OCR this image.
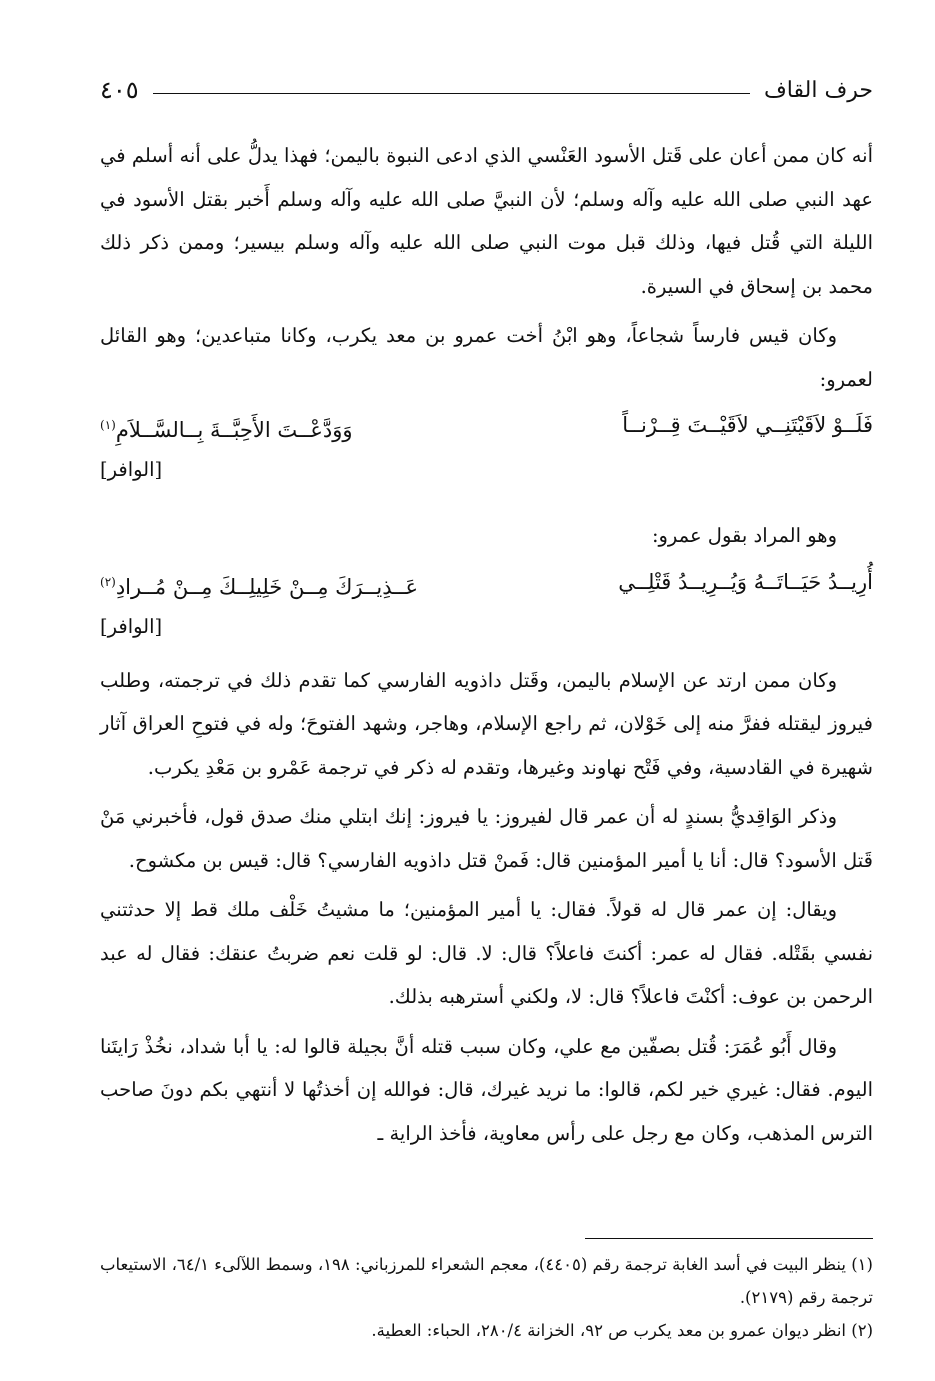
حرف القاف
٤٠٥

أنه كان ممن أعان على قَتل الأسود العَنْسي الذي ادعى النبوة باليمن؛ فهذا يدلُّ على أنه أسلم في عهد النبي صلى الله عليه وآله وسلم؛ لأن النبيَّ صلى الله عليه وآله وسلم أَخبر بقتل الأسود في الليلة التي قُتل فيها، وذلك قبل موت النبي صلى الله عليه وآله وسلم بيسير؛ وممن ذكر ذلك محمد بن إسحاق في السيرة.

وكان قيس فارساً شجاعاً، وهو ابْنُ أخت عمرو بن معد يكرب، وكانا متباعدين؛ وهو القائل لعمرو:

فَلَــوْ لاَقَيْتَنِــي لاَقَيْــتَ قِــرْنــاً
وَوَدَّعْــتَ الأَحِبَّــةَ بِــالسَّــلاَمِ$^{(١)}$
[الوافر]

وهو المراد بقول عمرو:

أُرِيــدُ حَيَــاتَــهُ وَيُــرِيــدُ قَتْلِــي
عَــذِيــرَكَ مِــنْ خَلِيلِــكَ مِــنْ مُــرادِ$^{(٢)}$
[الوافر]

وكان ممن ارتد عن الإسلام باليمن، وقَتل داذويه الفارسي كما تقدم ذلك في ترجمته، وطلب فيروز ليقتله ففرَّ منه إلى خَوْلان، ثم راجع الإسلام، وهاجر، وشهد الفتوحَ؛ وله في فتوحِ العراق آثار شهيرة في القادسية، وفي فَتْح نهاوند وغيرها، وتقدم له ذكر في ترجمة عَمْرو بن مَعْدِ يكرب.

وذكر الوَاقِديُّ بسندٍ له أن عمر قال لفيروز: يا فيروز: إنك ابتلي منك صدق قول، فأخبرني مَنْ قَتل الأسود؟ قال: أنا يا أمير المؤمنين قال: فَمنْ قتل داذويه الفارسي؟ قال: قيس بن مكشوح.

ويقال: إن عمر قال له قولاً. فقال: يا أمير المؤمنين؛ ما مشيتُ خَلْف ملك قط إلا حدثتني نفسي بقَتْله. فقال له عمر: أكنتَ فاعلاً؟ قال: لا. قال: لو قلت نعم ضربتُ عنقك: فقال له عبد الرحمن بن عوف: أكنْتَ فاعلاً؟ قال: لا، ولكني أسترهبه بذلك.

وقال أَبُو عُمَرَ: قُتل بصفّين مع علي، وكان سبب قتله أنَّ بجيلة قالوا له: يا أبا شداد، نخُذْ رَايتَنا اليوم. فقال: غيري خير لكم، قالوا: ما نريد غيرك، قال: فوالله إن أخذتُها لا أنتهي بكم دونَ صاحب الترس المذهب، وكان مع رجل على رأس معاوية، فأخذ الراية ـ

(١) ينظر البيت في أسد الغابة ترجمة رقم (٤٤٠٥)، معجم الشعراء للمرزباني: ١٩٨، وسمط اللآلىء ٦٤/١، الاستيعاب ترجمة رقم (٢١٧٩).

(٢) انظر ديوان عمرو بن معد يكرب ص ٩٢، الخزانة ٢٨٠/٤، الحباء: العطية.
